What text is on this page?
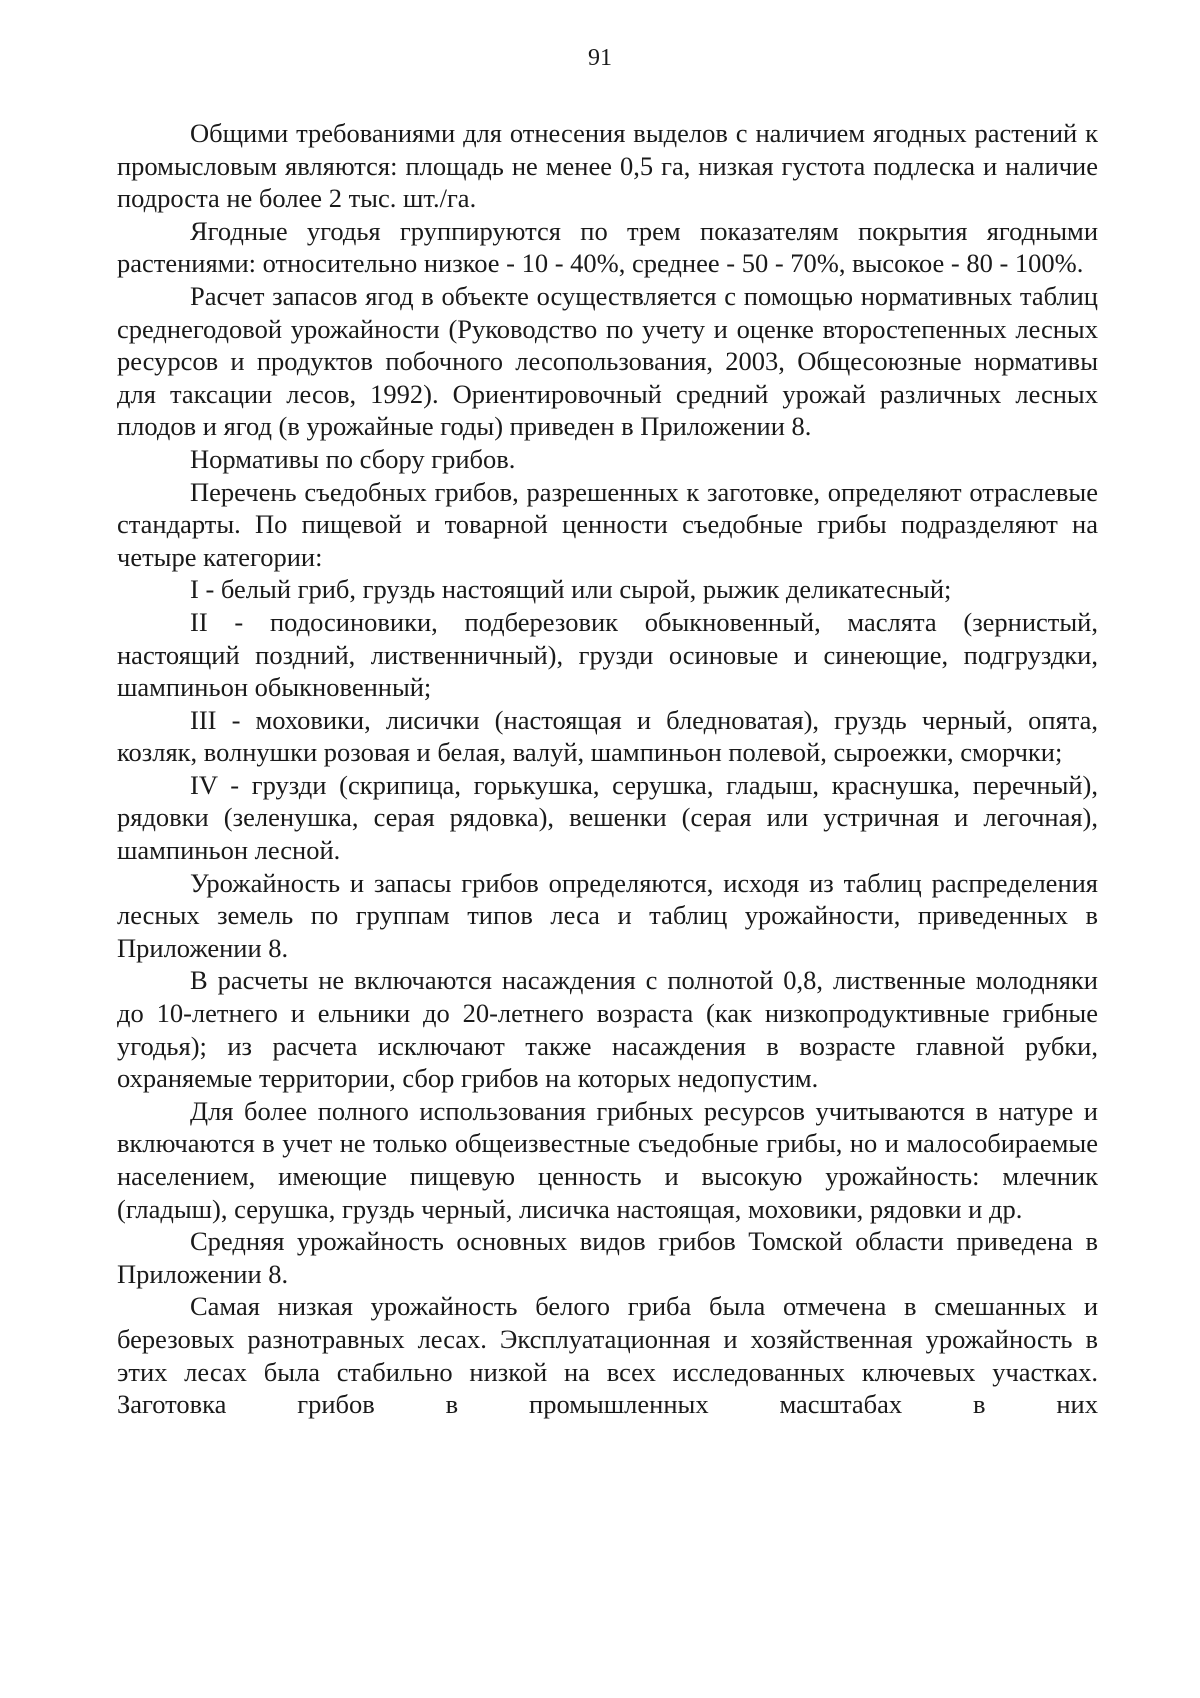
91

Общими требованиями для отнесения выделов с наличием ягодных растений к промысловым являются: площадь не менее 0,5 га, низкая густота подлеска и наличие подроста не более 2 тыс. шт./га.

Ягодные угодья группируются по трем показателям покрытия ягодными растениями: относительно низкое - 10 - 40%, среднее - 50 - 70%, высокое - 80 - 100%.

Расчет запасов ягод в объекте осуществляется с помощью нормативных таблиц среднегодовой урожайности (Руководство по учету и оценке второстепенных лесных ресурсов и продуктов побочного лесопользования, 2003, Общесоюзные нормативы для таксации лесов, 1992). Ориентировочный средний урожай различных лесных плодов и ягод (в урожайные годы) приведен в Приложении 8.

Нормативы по сбору грибов.

Перечень съедобных грибов, разрешенных к заготовке, определяют отраслевые стандарты. По пищевой и товарной ценности съедобные грибы подразделяют на четыре категории:

I - белый гриб, груздь настоящий или сырой, рыжик деликатесный;

II - подосиновики, подберезовик обыкновенный, маслята (зернистый, настоящий поздний, лиственничный), грузди осиновые и синеющие, подгруздки, шампиньон обыкновенный;

III - моховики, лисички (настоящая и бледноватая), груздь черный, опята, козляк, волнушки розовая и белая, валуй, шампиньон полевой, сыроежки, сморчки;

IV - грузди (скрипица, горькушка, серушка, гладыш, краснушка, перечный), рядовки (зеленушка, серая рядовка), вешенки (серая или устричная и легочная), шампиньон лесной.

Урожайность и запасы грибов определяются, исходя из таблиц распределения лесных земель по группам типов леса и таблиц урожайности, приведенных в Приложении 8.

В расчеты не включаются насаждения с полнотой 0,8, лиственные молодняки до 10-летнего и ельники до 20-летнего возраста (как низкопродуктивные грибные угодья); из расчета исключают также насаждения в возрасте главной рубки, охраняемые территории, сбор грибов на которых недопустим.

Для более полного использования грибных ресурсов учитываются в натуре и включаются в учет не только общеизвестные съедобные грибы, но и малособираемые населением, имеющие пищевую ценность и высокую урожайность: млечник (гладыш), серушка, груздь черный, лисичка настоящая, моховики, рядовки и др.

Средняя урожайность основных видов грибов Томской области приведена в Приложении 8.

Самая низкая урожайность белого гриба была отмечена в смешанных и березовых разнотравных лесах. Эксплуатационная и хозяйственная урожайность в этих лесах была стабильно низкой на всех исследованных ключевых участках. Заготовка грибов в промышленных масштабах в них
